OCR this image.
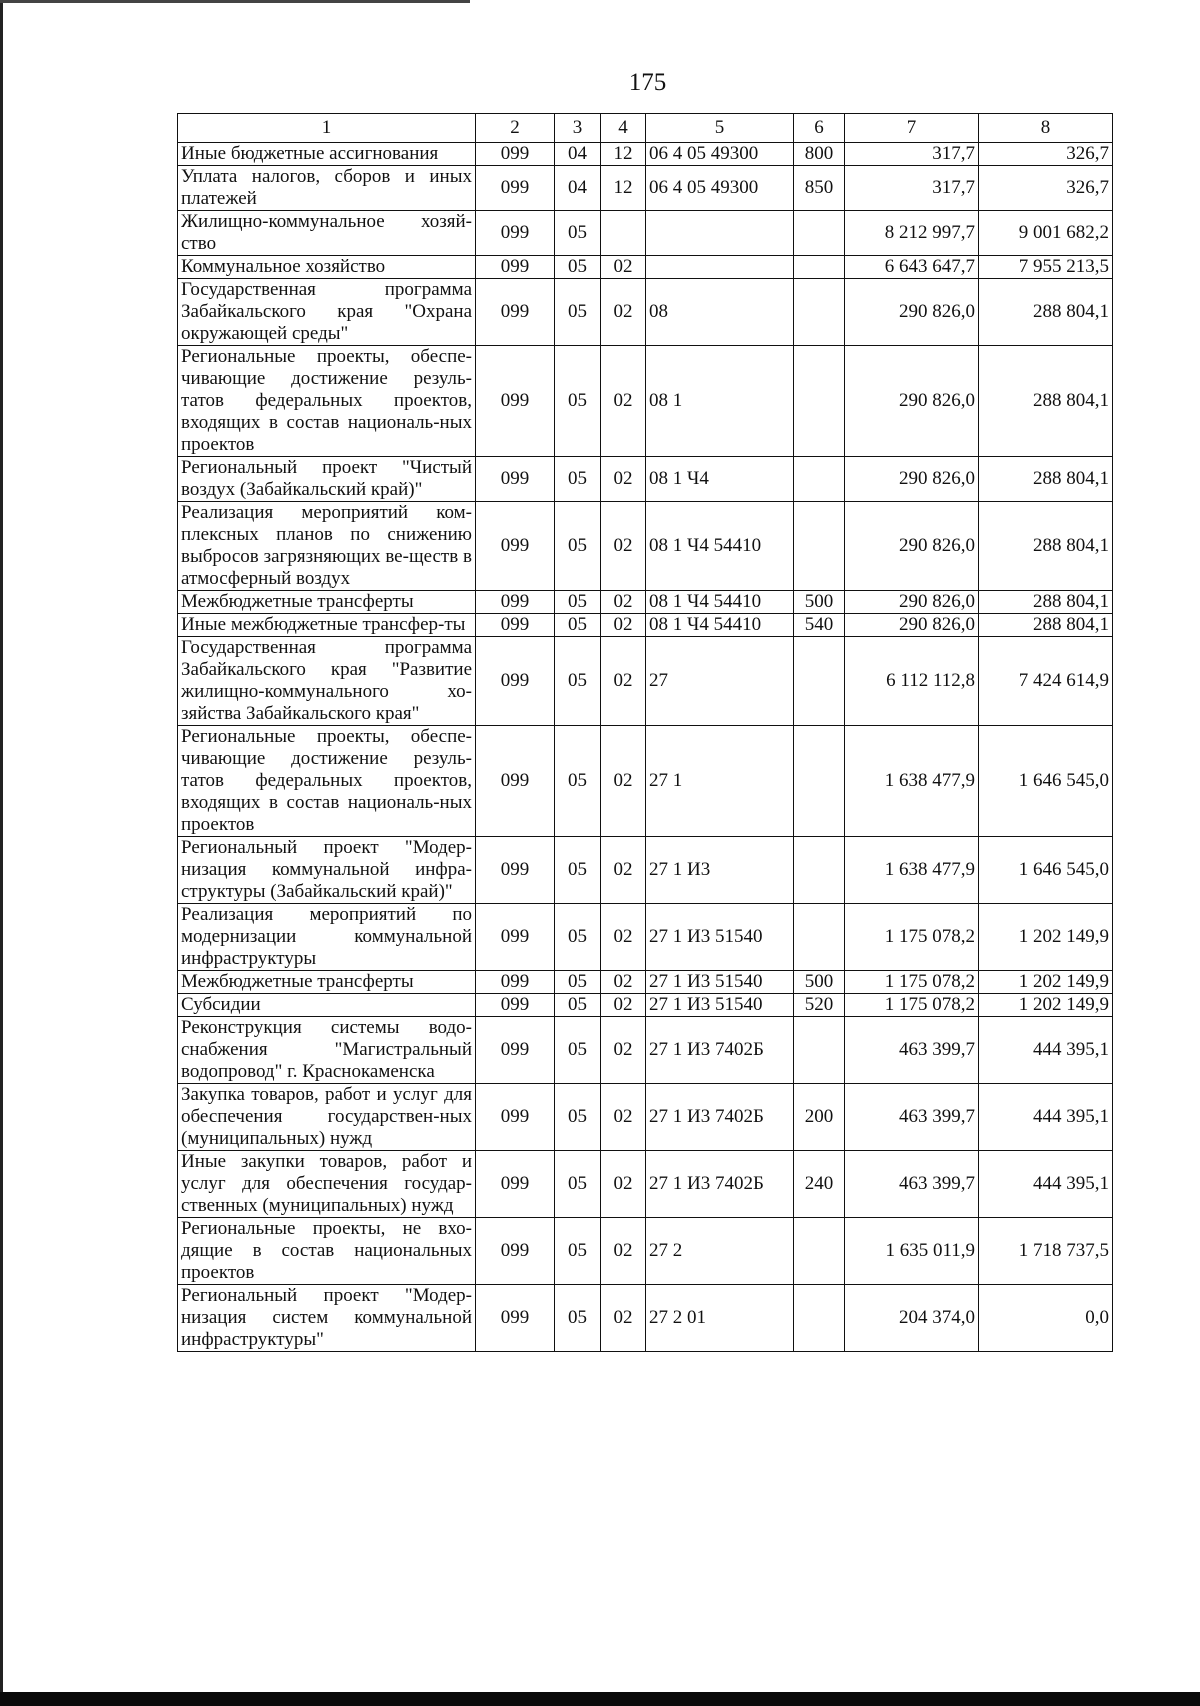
175
1	2	3	4	5	6	7	8
Иные бюджетные ассигнования	099	04	12	06 4 05 49300	800	317,7	326,7
Уплата налогов, сборов и иных платежей	099	04	12	06 4 05 49300	850	317,7	326,7
Жилищно-коммунальное хозяй-ство	099	05				8 212 997,7	9 001 682,2
Коммунальное хозяйство	099	05	02			6 643 647,7	7 955 213,5
Государственная программа Забайкальского края "Охрана окружающей среды"	099	05	02	08		290 826,0	288 804,1
Региональные проекты, обеспе-чивающие достижение резуль-татов федеральных проектов, входящих в состав националь-ных проектов	099	05	02	08 1		290 826,0	288 804,1
Региональный проект "Чистый воздух (Забайкальский край)"	099	05	02	08 1 Ч4		290 826,0	288 804,1
Реализация мероприятий ком-плексных планов по снижению выбросов загрязняющих ве-ществ в атмосферный воздух	099	05	02	08 1 Ч4 54410		290 826,0	288 804,1
Межбюджетные трансферты	099	05	02	08 1 Ч4 54410	500	290 826,0	288 804,1
Иные межбюджетные трансфер-ты	099	05	02	08 1 Ч4 54410	540	290 826,0	288 804,1
Государственная программа Забайкальского края "Развитие жилищно-коммунального хо-зяйства Забайкальского края"	099	05	02	27		6 112 112,8	7 424 614,9
Региональные проекты, обеспе-чивающие достижение резуль-татов федеральных проектов, входящих в состав националь-ных проектов	099	05	02	27 1		1 638 477,9	1 646 545,0
Региональный проект "Модер-низация коммунальной инфра-структуры (Забайкальский край)"	099	05	02	27 1 И3		1 638 477,9	1 646 545,0
Реализация мероприятий по модернизации коммунальной инфраструктуры	099	05	02	27 1 И3 51540		1 175 078,2	1 202 149,9
Межбюджетные трансферты	099	05	02	27 1 И3 51540	500	1 175 078,2	1 202 149,9
Субсидии	099	05	02	27 1 И3 51540	520	1 175 078,2	1 202 149,9
Реконструкция системы водо-снабжения "Магистральный водопровод" г. Краснокаменска	099	05	02	27 1 И3 7402Б		463 399,7	444 395,1
Закупка товаров, работ и услуг для обеспечения государствен-ных (муниципальных) нужд	099	05	02	27 1 И3 7402Б	200	463 399,7	444 395,1
Иные закупки товаров, работ и услуг для обеспечения государ-ственных (муниципальных) нужд	099	05	02	27 1 И3 7402Б	240	463 399,7	444 395,1
Региональные проекты, не вхо-дящие в состав национальных проектов	099	05	02	27 2		1 635 011,9	1 718 737,5
Региональный проект "Модер-низация систем коммунальной инфраструктуры"	099	05	02	27 2 01		204 374,0	0,0
